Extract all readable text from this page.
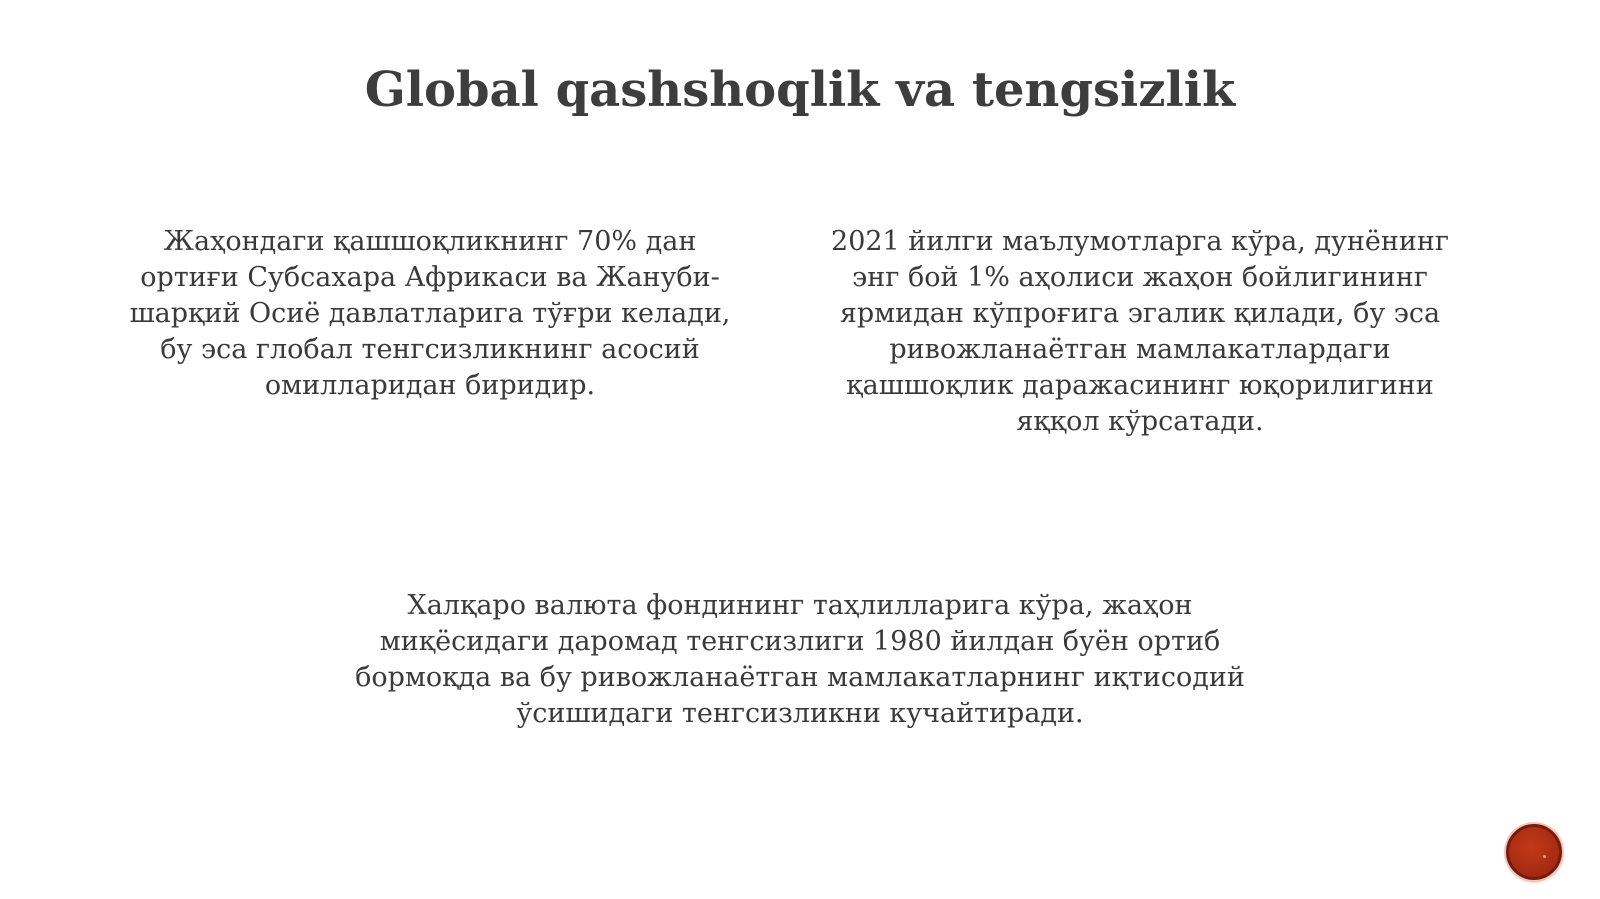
Global qashshoqlik va tengsizlik

Жаҳондаги қашшоқликнинг 70% дан
ортиғи Субсахара Африкаси ва Жануби-
шарқий Осиё давлатларига тўғри келади,
бу эса глобал тенгсизликнинг асосий
омилларидан биридир.

2021 йилги маълумотларга кўра, дунёнинг
энг бой 1% аҳолиси жаҳон бойлигининг
ярмидан кўпроғига эгалик қилади, бу эса
ривожланаётган мамлакатлардаги
қашшоқлик даражасининг юқорилигини
яққол кўрсатади.

Халқаро валюта фондининг таҳлилларига кўра, жаҳон
миқёсидаги даромад тенгсизлиги 1980 йилдан буён ортиб
бормоқда ва бу ривожланаётган мамлакатларнинг иқтисодий
ўсишидаги тенгсизликни кучайтиради.
